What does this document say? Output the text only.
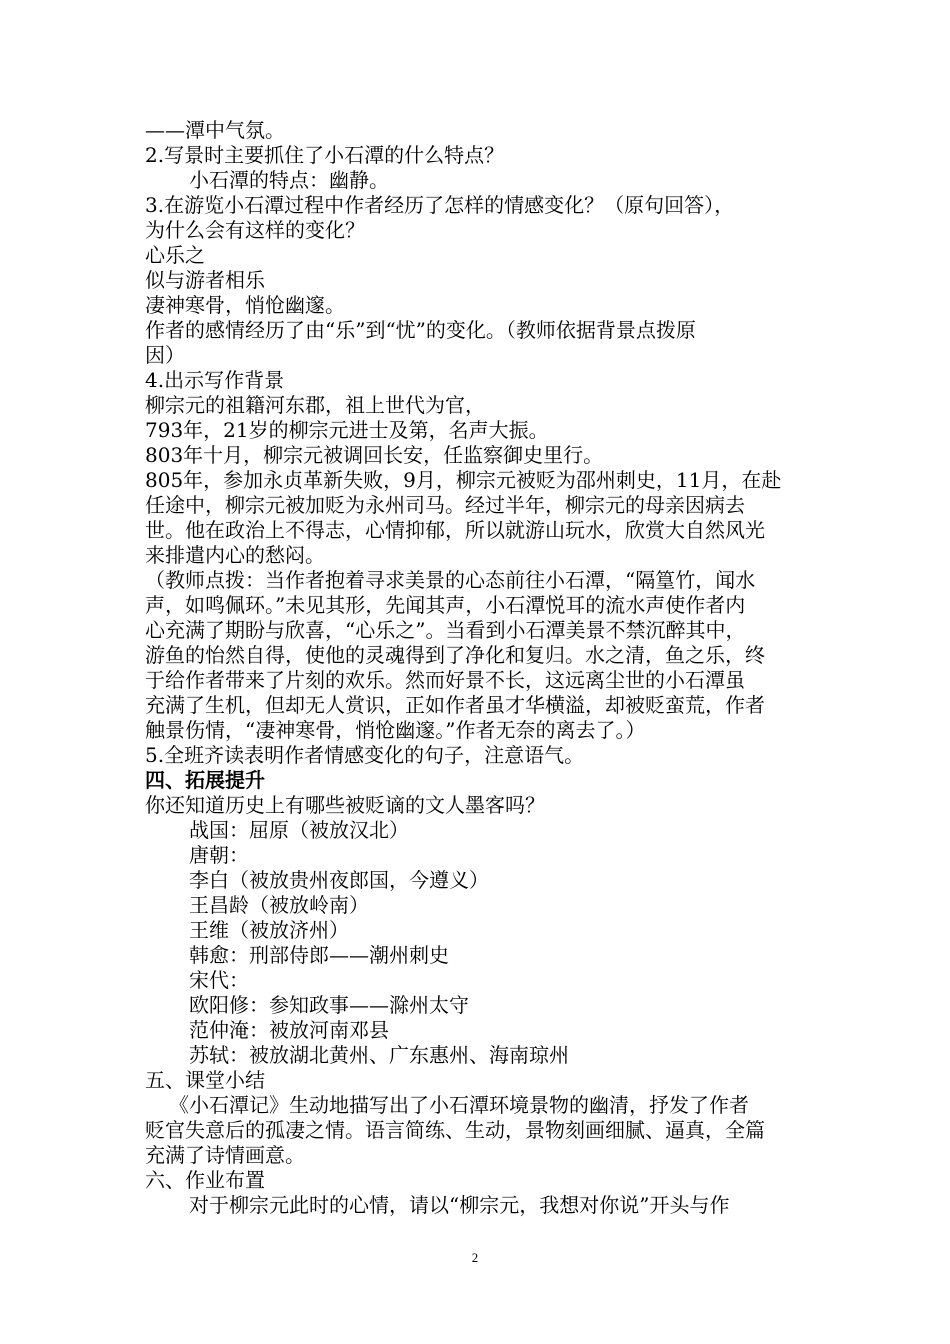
——潭中气氛。
2.写景时主要抓住了小石潭的什么特点？
小石潭的特点：幽静。
3.在游览小石潭过程中作者经历了怎样的情感变化？（原句回答），
为什么会有这样的变化？
心乐之
似与游者相乐
凄神寒骨，悄怆幽邃。
作者的感情经历了由“乐”到“忧”的变化。（教师依据背景点拨原
因）
4.出示写作背景
柳宗元的祖籍河东郡，祖上世代为官，
793年，21岁的柳宗元进士及第，名声大振。
803年十月，柳宗元被调回长安，任监察御史里行。
805年，参加永贞革新失败，9月，柳宗元被贬为邵州刺史，11月，在赴
任途中，柳宗元被加贬为永州司马。经过半年，柳宗元的母亲因病去
世。他在政治上不得志，心情抑郁，所以就游山玩水，欣赏大自然风光
来排遣内心的愁闷。
（教师点拨：当作者抱着寻求美景的心态前往小石潭，“隔篁竹，闻水
声，如鸣佩环。”未见其形，先闻其声，小石潭悦耳的流水声使作者内
心充满了期盼与欣喜，“心乐之”。当看到小石潭美景不禁沉醉其中，
游鱼的怡然自得，使他的灵魂得到了净化和复归。水之清，鱼之乐，终
于给作者带来了片刻的欢乐。然而好景不长，这远离尘世的小石潭虽
充满了生机，但却无人赏识，正如作者虽才华横溢，却被贬蛮荒，作者
触景伤情，“凄神寒骨，悄怆幽邃。”作者无奈的离去了。）
5.全班齐读表明作者情感变化的句子，注意语气。
四、拓展提升
你还知道历史上有哪些被贬谪的文人墨客吗？
战国：屈原（被放汉北）
唐朝：
李白（被放贵州夜郎国，今遵义）
王昌龄（被放岭南）
王维（被放济州）
韩愈：刑部侍郎——潮州刺史
宋代：
欧阳修：参知政事——滁州太守
范仲淹：被放河南邓县
苏轼：被放湖北黄州、广东惠州、海南琼州
五、课堂小结
《小石潭记》生动地描写出了小石潭环境景物的幽清，抒发了作者
贬官失意后的孤凄之情。语言简练、生动，景物刻画细腻、逼真，全篇
充满了诗情画意。
六、作业布置
对于柳宗元此时的心情，请以“柳宗元，我想对你说”开头与作
2
